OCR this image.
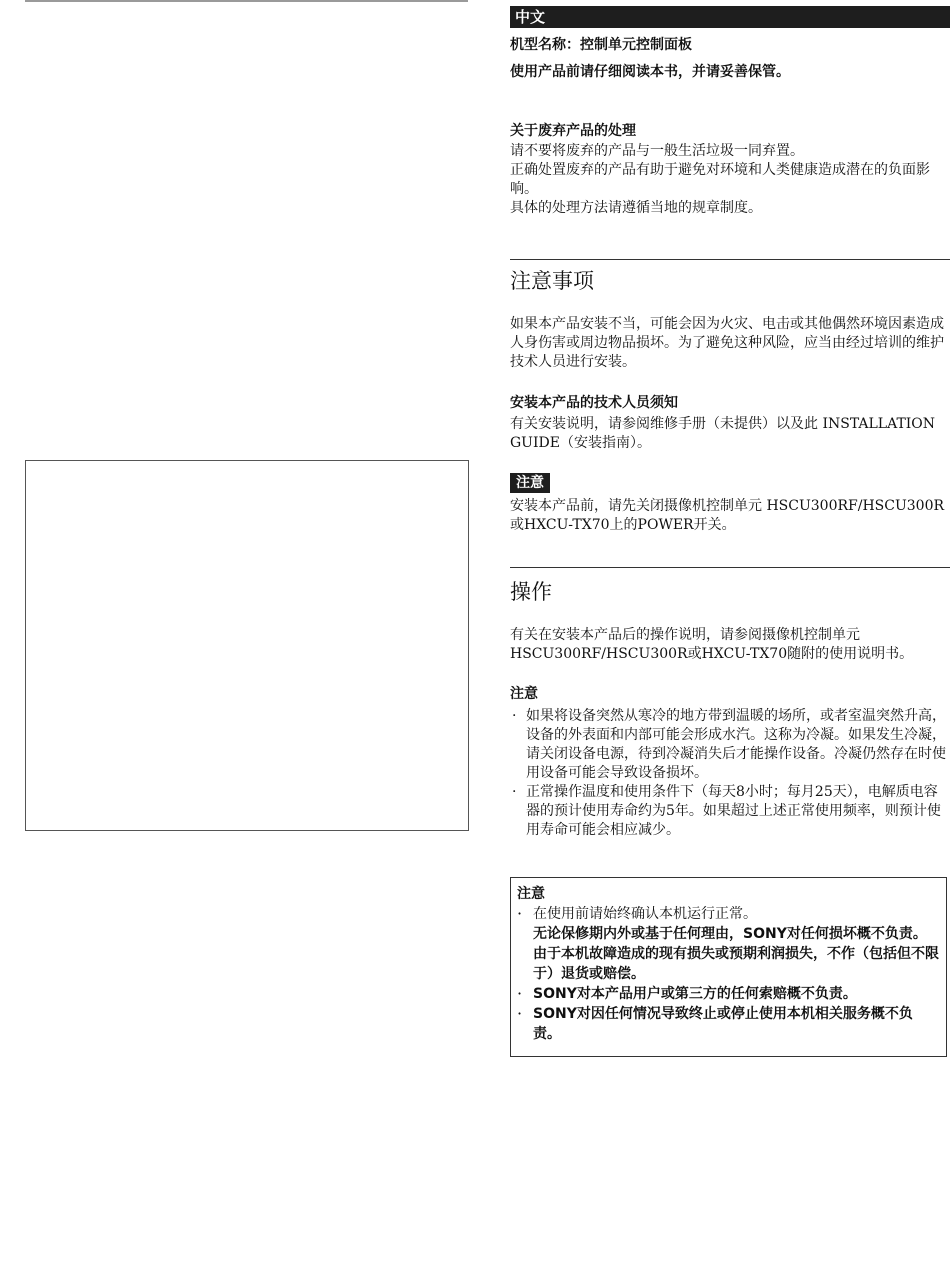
中文
机型名称：控制单元控制面板
使用产品前请仔细阅读本书，并请妥善保管。
关于废弃产品的处理
请不要将废弃的产品与一般生活垃圾一同弃置。
正确处置废弃的产品有助于避免对环境和人类健康造成潜在的负面影响。
具体的处理方法请遵循当地的规章制度。
注意事项
如果本产品安装不当，可能会因为火灾、电击或其他偶然环境因素造成人身伤害或周边物品损坏。为了避免这种风险，应当由经过培训的维护技术人员进行安装。
安装本产品的技术人员须知
有关安装说明，请参阅维修手册（未提供）以及此 INSTALLATION GUIDE（安装指南）。
注意
安装本产品前，请先关闭摄像机控制单元 HSCU300RF/HSCU300R或HXCU-TX70上的POWER开关。
操作
有关在安装本产品后的操作说明，请参阅摄像机控制单元 HSCU300RF/HSCU300R或HXCU-TX70随附的使用说明书。
注意
· 如果将设备突然从寒冷的地方带到温暖的场所，或者室温突然升高，设备的外表面和内部可能会形成水汽。这称为冷凝。如果发生冷凝，请关闭设备电源，待到冷凝消失后才能操作设备。冷凝仍然存在时使用设备可能会导致设备损坏。
· 正常操作温度和使用条件下（每天8小时；每月25天），电解质电容器的预计使用寿命约为5年。如果超过上述正常使用频率，则预计使用寿命可能会相应减少。
注意
· 在使用前请始终确认本机运行正常。
无论保修期内外或基于任何理由，SONY对任何损坏概不负责。由于本机故障造成的现有损失或预期利润损失，不作（包括但不限于）退货或赔偿。
· SONY对本产品用户或第三方的任何索赔概不负责。
· SONY对因任何情况导致终止或停止使用本机相关服务概不负责。
